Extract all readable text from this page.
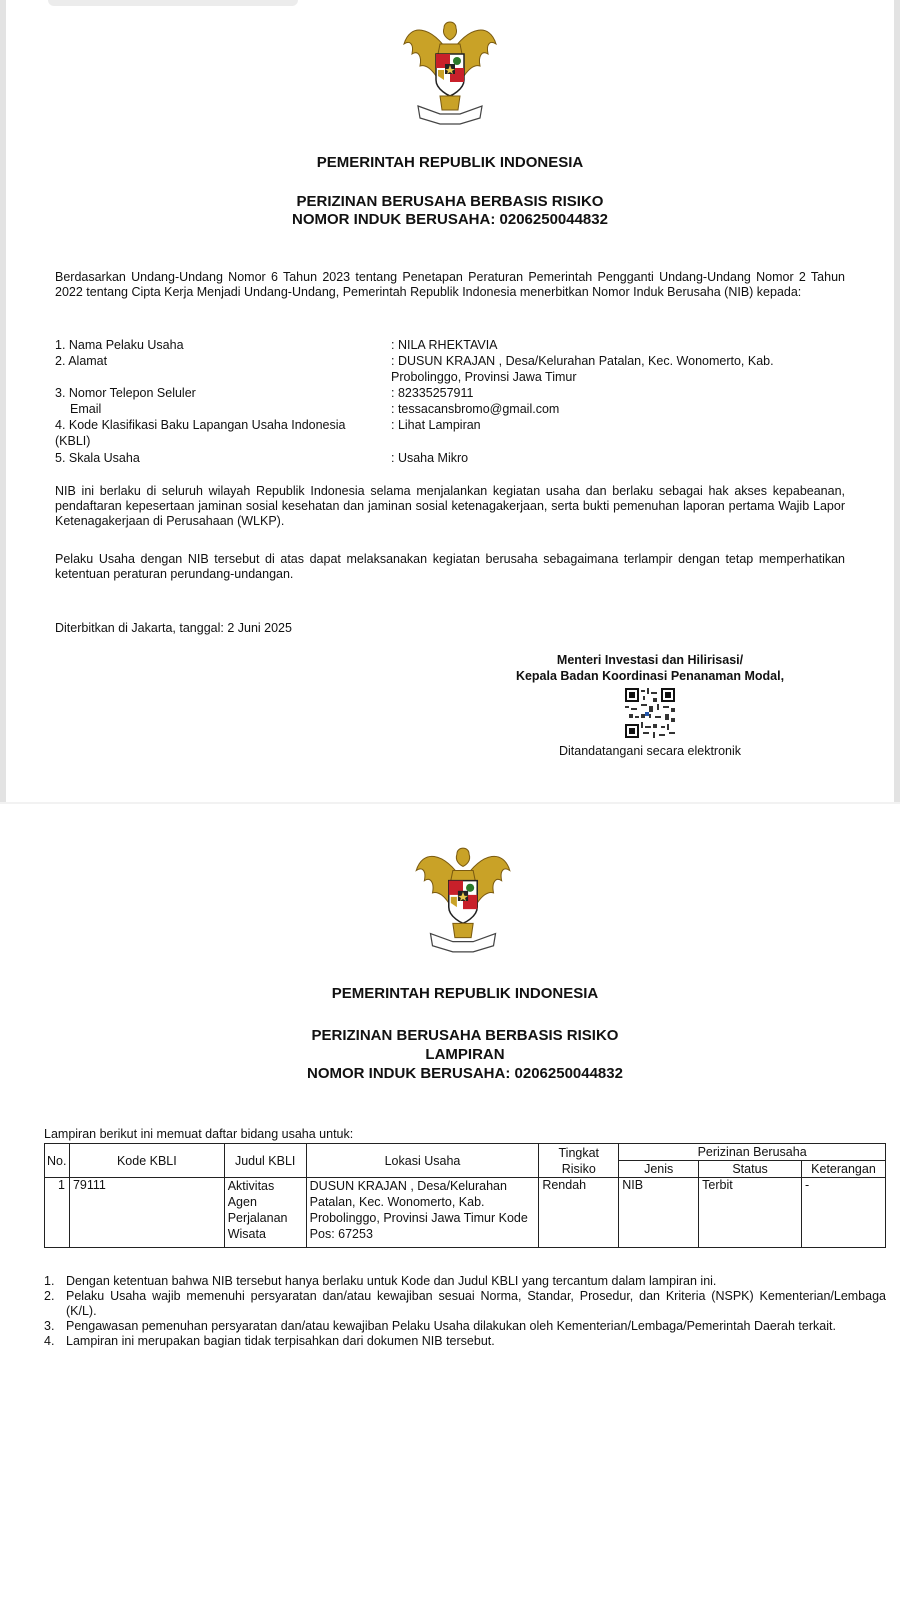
PEMERINTAH REPUBLIK INDONESIA
PERIZINAN BERUSAHA BERBASIS RISIKO
NOMOR INDUK BERUSAHA: 0206250044832
Berdasarkan Undang-Undang Nomor 6 Tahun 2023 tentang Penetapan Peraturan Pemerintah Pengganti Undang-Undang Nomor 2 Tahun 2022 tentang Cipta Kerja Menjadi Undang-Undang, Pemerintah Republik Indonesia menerbitkan Nomor Induk Berusaha (NIB) kepada:
1. Nama Pelaku Usaha	: NILA RHEKTAVIA
2. Alamat	: DUSUN KRAJAN , Desa/Kelurahan Patalan, Kec. Wonomerto, Kab. Probolinggo, Provinsi Jawa Timur
3. Nomor Telepon Seluler	: 82335257911
Email	: tessacansbromo@gmail.com
4. Kode Klasifikasi Baku Lapangan Usaha Indonesia (KBLI)
: Lihat Lampiran
5. Skala Usaha	: Usaha Mikro
NIB ini berlaku di seluruh wilayah Republik Indonesia selama menjalankan kegiatan usaha dan berlaku sebagai hak akses kepabeanan, pendaftaran kepesertaan jaminan sosial kesehatan dan jaminan sosial ketenagakerjaan, serta bukti pemenuhan laporan pertama Wajib Lapor Ketenagakerjaan di Perusahaan (WLKP).
Pelaku Usaha dengan NIB tersebut di atas dapat melaksanakan kegiatan berusaha sebagaimana terlampir dengan tetap memperhatikan ketentuan peraturan perundang-undangan.
Diterbitkan di Jakarta, tanggal: 2 Juni 2025
Menteri Investasi dan Hilirisasi/
Kepala Badan Koordinasi Penanaman Modal,
Ditandatangani secara elektronik
PEMERINTAH REPUBLIK INDONESIA
PERIZINAN BERUSAHA BERBASIS RISIKO
LAMPIRAN
NOMOR INDUK BERUSAHA: 0206250044832
Lampiran berikut ini memuat daftar bidang usaha untuk:
No.	Kode KBLI	Judul KBLI	Lokasi Usaha	Tingkat Risiko	Perizinan Berusaha		
					Jenis	Status	Keterangan
1	79111	Aktivitas Agen Perjalanan Wisata	DUSUN KRAJAN , Desa/Kelurahan Patalan, Kec. Wonomerto, Kab. Probolinggo, Provinsi Jawa Timur Kode Pos: 67253	Rendah	NIB	Terbit	-
1. Dengan ketentuan bahwa NIB tersebut hanya berlaku untuk Kode dan Judul KBLI yang tercantum dalam lampiran ini.
2. Pelaku Usaha wajib memenuhi persyaratan dan/atau kewajiban sesuai Norma, Standar, Prosedur, dan Kriteria (NSPK) Kementerian/Lembaga (K/L).
3. Pengawasan pemenuhan persyaratan dan/atau kewajiban Pelaku Usaha dilakukan oleh Kementerian/Lembaga/Pemerintah Daerah terkait.
4. Lampiran ini merupakan bagian tidak terpisahkan dari dokumen NIB tersebut.
